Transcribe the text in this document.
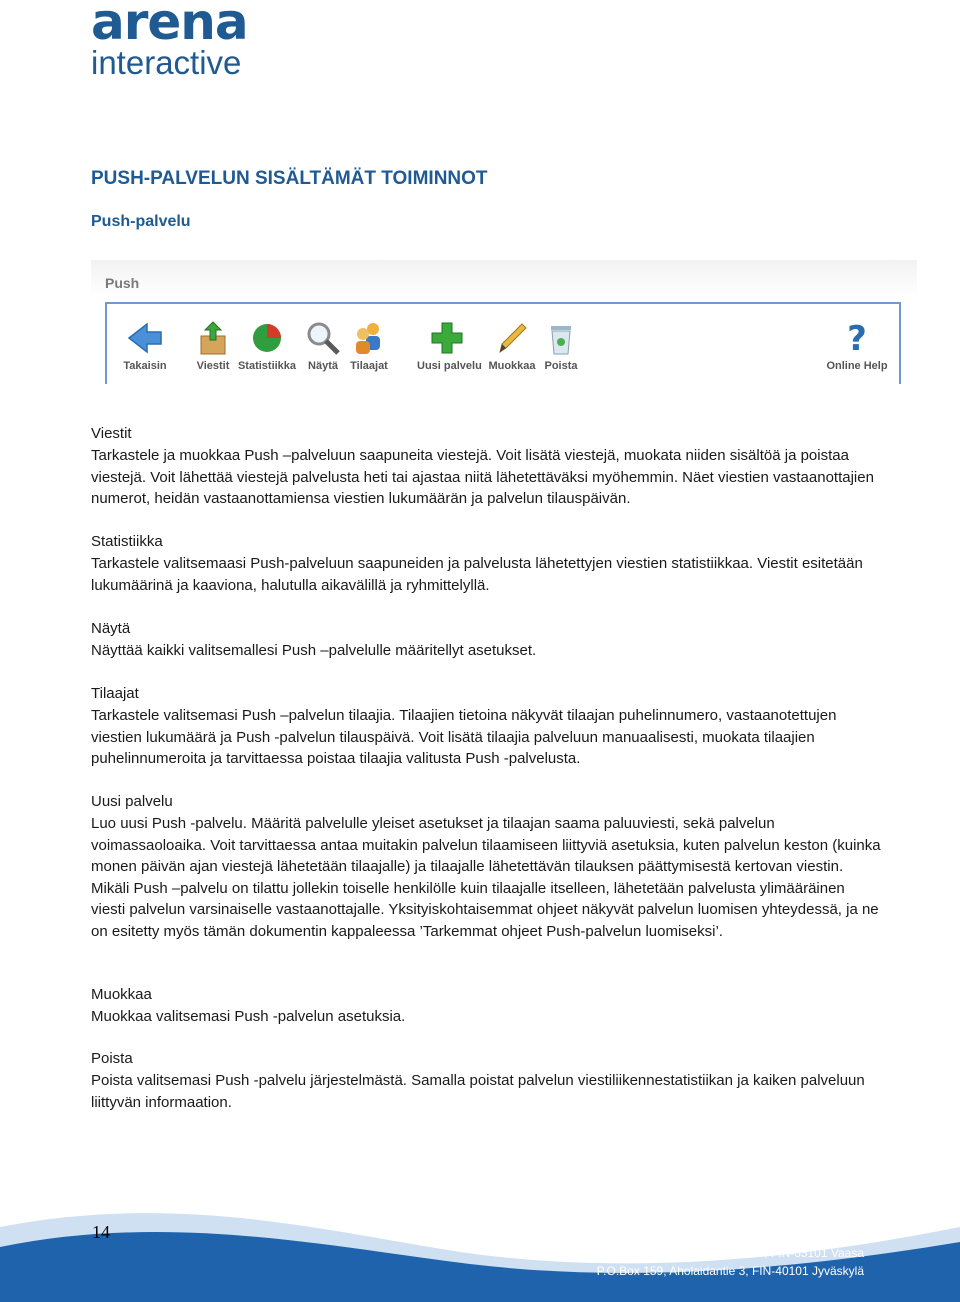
arena
interactive
PUSH-PALVELUN SISÄLTÄMÄT TOIMINNOT
Push-palvelu
Push
Takaisin	Viestit Statistiikka	Näytä	Tilaajat	Uusi palvelu Muokkaa Poista
?
Online Help
Viestit
Tarkastele ja muokkaa Push –palveluun saapuneita viestejä. Voit lisätä viestejä, muokata niiden sisältöä ja poistaa viestejä. Voit lähettää viestejä palvelusta heti tai ajastaa niitä lähetettäväksi myöhemmin. Näet viestien vastaanottajien numerot, heidän vastaanottamiensa viestien lukumäärän ja palvelun tilauspäivän.
Statistiikka
Tarkastele valitsemaasi Push-palveluun saapuneiden ja palvelusta lähetettyjen viestien statistiikkaa. Viestit esitetään lukumäärinä ja kaaviona, halutulla aikavälillä ja ryhmittelyllä.
Näytä
Näyttää kaikki valitsemallesi Push –palvelulle määritellyt asetukset.
Tilaajat
Tarkastele valitsemasi Push –palvelun tilaajia. Tilaajien tietoina näkyvät tilaajan puhelinnumero, vastaanotettujen viestien lukumäärä ja Push -palvelun tilauspäivä. Voit lisätä tilaajia palveluun manuaalisesti, muokata tilaajien puhelinnumeroita ja tarvittaessa poistaa tilaajia valitusta Push -palvelusta.
Uusi palvelu
Luo uusi Push -palvelu. Määritä palvelulle yleiset asetukset ja tilaajan saama paluuviesti, sekä palvelun voimassaoloaika. Voit tarvittaessa antaa muitakin palvelun tilaamiseen liittyviä asetuksia, kuten palvelun keston (kuinka monen päivän ajan viestejä lähetetään tilaajalle) ja tilaajalle lähetettävän tilauksen päättymisestä kertovan viestin. Mikäli Push –palvelu on tilattu jollekin toiselle henkilölle kuin tilaajalle itselleen, lähetetään palvelusta ylimääräinen viesti palvelun varsinaiselle vastaanottajalle. Yksityiskohtaisemmat ohjeet näkyvät palvelun luomisen yhteydessä, ja ne on esitetty myös tämän dokumentin kappaleessa ’Tarkemmat ohjeet Push-palvelun luomiseksi’.
Muokkaa
Muokkaa valitsemasi Push -palvelun asetuksia.
Poista
Poista valitsemasi Push -palvelu järjestelmästä. Samalla poistat palvelun viestiliikennestatistiikan ja kaiken palveluun liittyvän informaation.
14
Arena Interactive Ltd
www.arenainteractive.fi
P.O.Box 52, Hietasaarenkatu 20, FIN-65101 Vaasa
P.O.Box 159, Aholaidantie 3, FIN-40101 Jyväskylä
